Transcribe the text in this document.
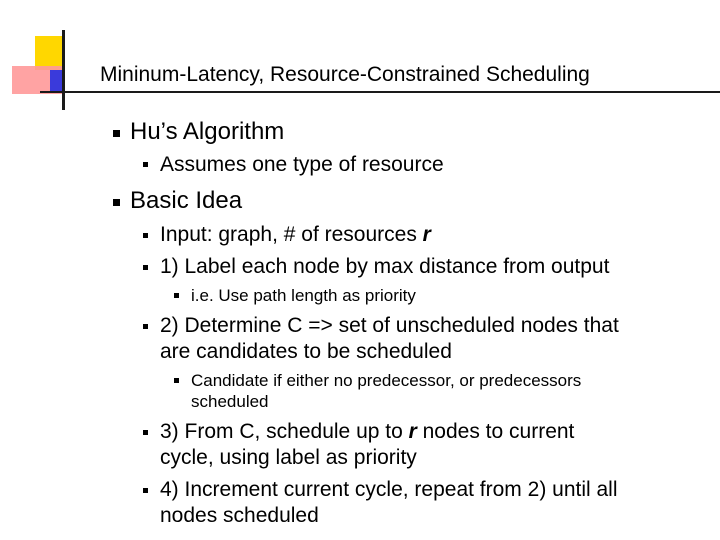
Mininum-Latency, Resource-Constrained Scheduling
Hu’s Algorithm
Assumes one type of resource
Basic Idea
Input: graph, # of resources r
1) Label each node by max distance from output
i.e. Use path length as priority
2) Determine C => set of unscheduled nodes that
are candidates to be scheduled
Candidate if either no predecessor, or predecessors
scheduled
3) From C, schedule up to r nodes to current
cycle, using label as priority
4) Increment current cycle, repeat from 2) until all
nodes scheduled
